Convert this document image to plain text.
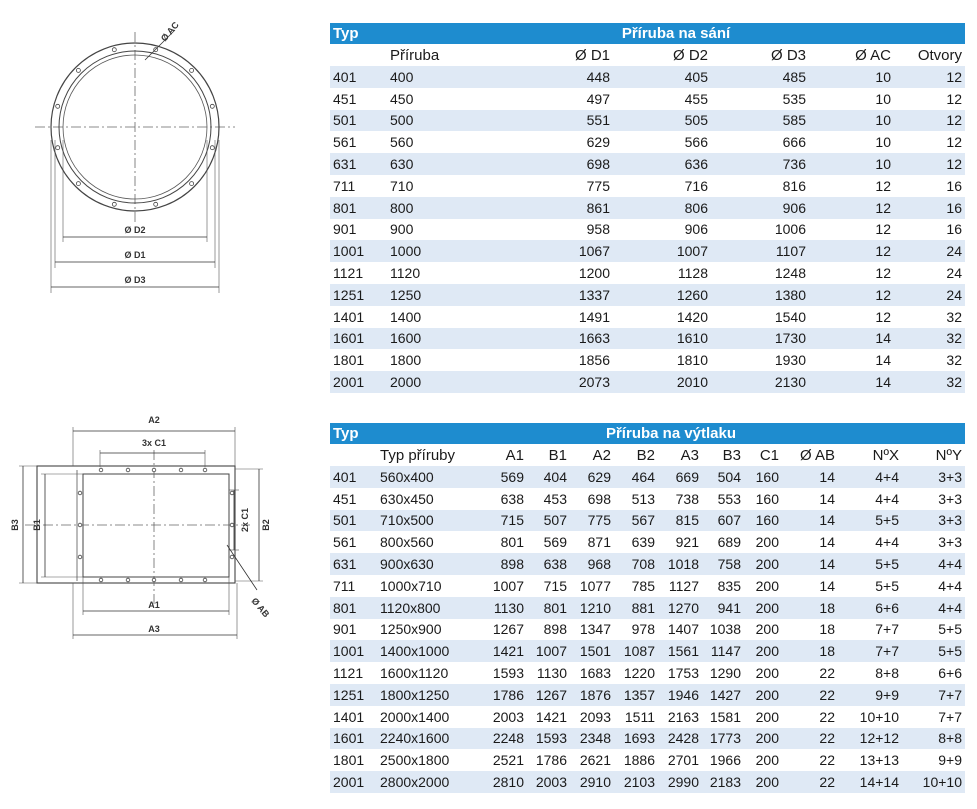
Ø AC
Ø D2
Ø D1
Ø D3
A2
3x C1
B3 B1	2x C1 B2
A1
A3
Ø AB
Typ	Příruba na sání					
	Příruba	Ø D1	Ø D2	Ø D3	Ø AC	Otvory
401	400	448	405	485	10	12
451	450	497	455	535	10	12
501	500	551	505	585	10	12
561	560	629	566	666	10	12
631	630	698	636	736	10	12
711	710	775	716	816	12	16
801	800	861	806	906	12	16
901	900	958	906	1006	12	16
1001	1000	1067	1007	1107	12	24
1121	1120	1200	1128	1248	12	24
1251	1250	1337	1260	1380	12	24
1401	1400	1491	1420	1540	12	32
1601	1600	1663	1610	1730	14	32
1801	1800	1856	1810	1930	14	32
2001	2000	2073	2010	2130	14	32
Typ	Příruba na výtlaku										
	Typ příruby	A1	B1	A2	B2	A3	B3	C1	Ø AB	NºX	NºY
401	560x400	569	404	629	464	669	504	160	14	4+4	3+3
451	630x450	638	453	698	513	738	553	160	14	4+4	3+3
501	710x500	715	507	775	567	815	607	160	14	5+5	3+3
561	800x560	801	569	871	639	921	689	200	14	4+4	3+3
631	900x630	898	638	968	708	1018	758	200	14	5+5	4+4
711	1000x710	1007	715	1077	785	1127	835	200	14	5+5	4+4
801	1120x800	1130	801	1210	881	1270	941	200	18	6+6	4+4
901	1250x900	1267	898	1347	978	1407	1038	200	18	7+7	5+5
1001	1400x1000	1421	1007	1501	1087	1561	1147	200	18	7+7	5+5
1121	1600x1120	1593	1130	1683	1220	1753	1290	200	22	8+8	6+6
1251	1800x1250	1786	1267	1876	1357	1946	1427	200	22	9+9	7+7
1401	2000x1400	2003	1421	2093	1511	2163	1581	200	22	10+10	7+7
1601	2240x1600	2248	1593	2348	1693	2428	1773	200	22	12+12	8+8
1801	2500x1800	2521	1786	2621	1886	2701	1966	200	22	13+13	9+9
2001	2800x2000	2810	2003	2910	2103	2990	2183	200	22	14+14	10+10
